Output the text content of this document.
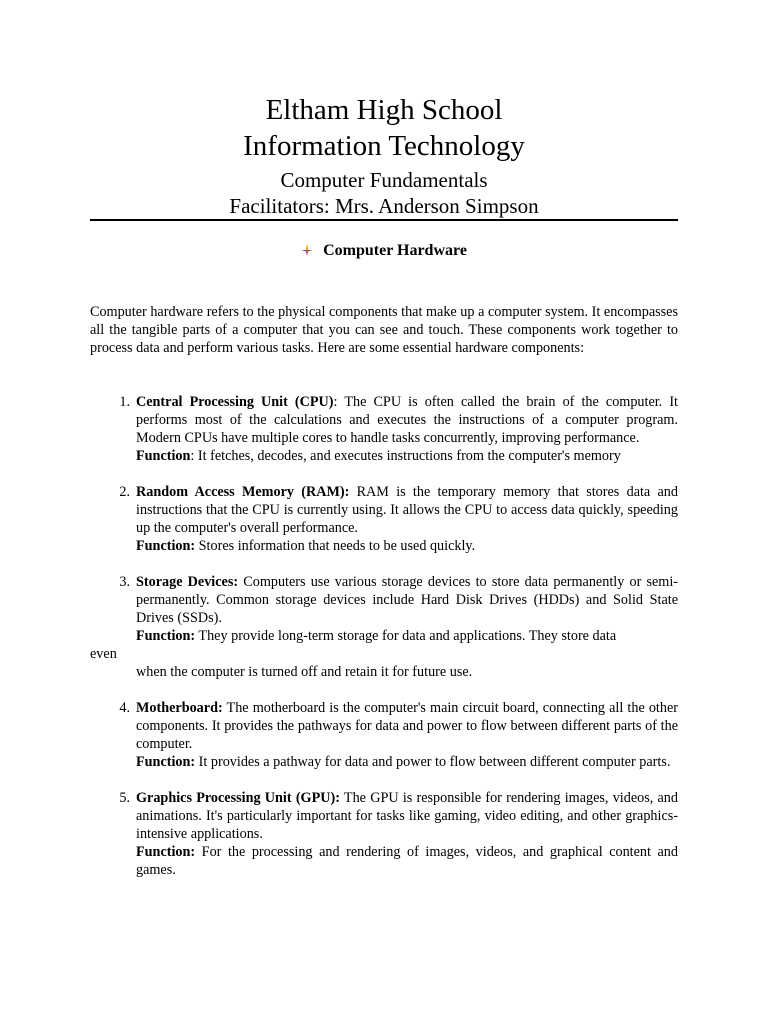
Eltham High School
Information Technology
Computer Fundamentals
Facilitators: Mrs. Anderson Simpson
Computer Hardware
Computer hardware refers to the physical components that make up a computer system. It encompasses all the tangible parts of a computer that you can see and touch. These components work together to process data and perform various tasks. Here are some essential hardware components:
1. Central Processing Unit (CPU): The CPU is often called the brain of the computer. It performs most of the calculations and executes the instructions of a computer program. Modern CPUs have multiple cores to handle tasks concurrently, improving performance.

Function: It fetches, decodes, and executes instructions from the computer's memory

2. Random Access Memory (RAM): RAM is the temporary memory that stores data and instructions that the CPU is currently using. It allows the CPU to access data quickly, speeding up the computer's overall performance.

Function: Stores information that needs to be used quickly.

3. Storage Devices: Computers use various storage devices to store data permanently or semi-permanently. Common storage devices include Hard Disk Drives (HDDs) and Solid State Drives (SSDs).

Function: They provide long-term storage for data and applications. They store data

even

when the computer is turned off and retain it for future use.

4. Motherboard: The motherboard is the computer's main circuit board, connecting all the other components. It provides the pathways for data and power to flow between different parts of the computer.

Function: It provides a pathway for data and power to flow between different computer parts.

5. Graphics Processing Unit (GPU): The GPU is responsible for rendering images, videos, and animations. It's particularly important for tasks like gaming, video editing, and other graphics-intensive applications.

Function: For the processing and rendering of images, videos, and graphical content and games.
